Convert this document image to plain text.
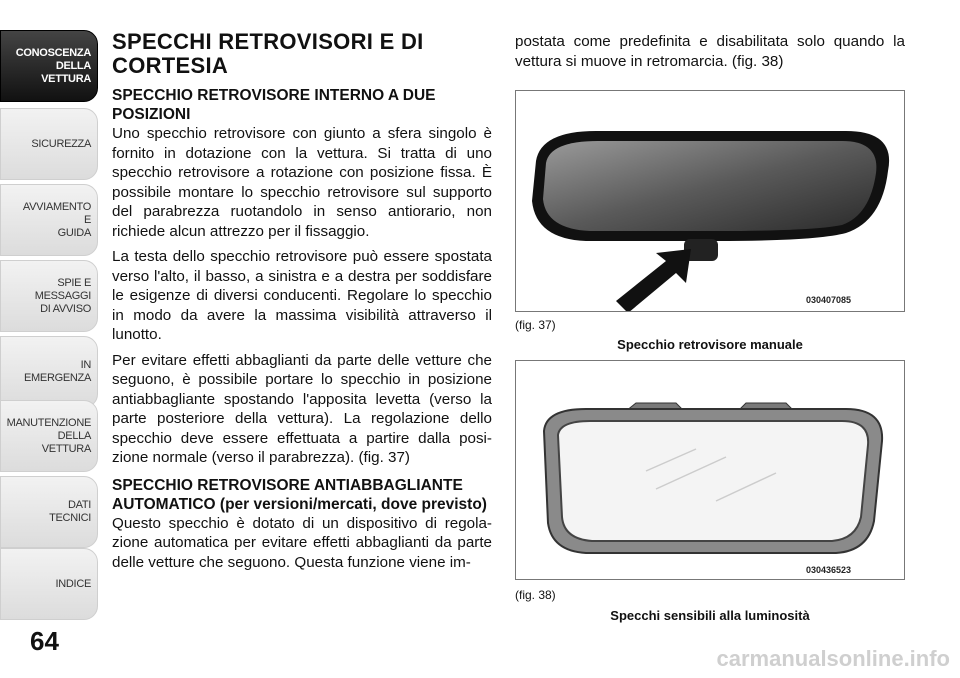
CONOSCENZA
DELLA
VETTURA
SICUREZZA
AVVIAMENTO
E
GUIDA
SPIE E
MESSAGGI
DI AVVISO
IN
EMERGENZA
MANUTENZIONE
DELLA
VETTURA
DATI
TECNICI
INDICE
64
SPECCHI RETROVISORI E DI CORTESIA
SPECCHIO RETROVISORE INTERNO A DUE POSIZIONI

Uno specchio retrovisore con giunto a sfera singolo è fornito in dotazione con la vettura. Si tratta di uno specchio retrovisore a rotazione con posizione fissa. È possibile montare lo specchio retrovisore sul supporto del parabrezza ruotandolo in senso antiorario, non richiede alcun attrezzo per il fissaggio.

La testa dello specchio retrovisore può essere spostata verso l'alto, il basso, a sinistra e a destra per soddisfare le esigenze di diversi conducenti. Regolare lo specchio in modo da avere la massima visibilità attraverso il lunotto.

Per evitare effetti abbaglianti da parte delle vetture che seguono, è possibile portare lo specchio in posizione antiabbagliante spostando l'apposita levetta (verso la parte posteriore della vettura). La regolazione dello specchio deve essere effettuata a partire dalla posi-zione normale (verso il parabrezza). (fig. 37)

SPECCHIO RETROVISORE ANTIABBAGLIANTE AUTOMATICO (per versioni/mercati, dove previsto)

Questo specchio è dotato di un dispositivo di regola-zione automatica per evitare effetti abbaglianti da parte delle vetture che seguono. Questa funzione viene im-

postata come predefinita e disabilitata solo quando la vettura si muove in retromarcia. (fig. 38)
030407085
(fig. 37)
Specchio retrovisore manuale
030436523
(fig. 38)
Specchi sensibili alla luminosità
carmanualsonline.info
